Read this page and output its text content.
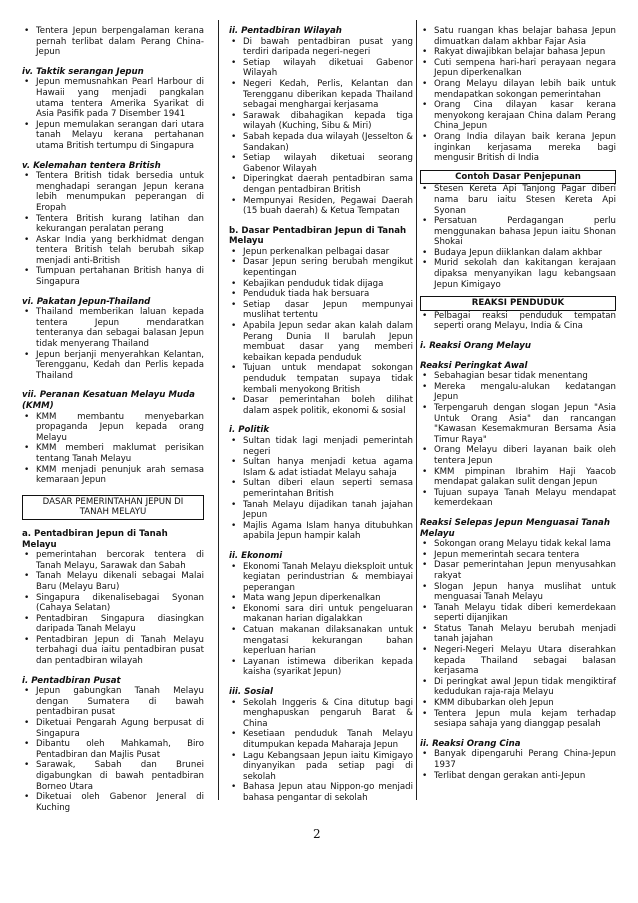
• Tentera Jepun berpengalaman kerana pernah terlibat dalam Perang China-Jepun
iv. Taktik serangan Jepun
• Jepun memusnahkan Pearl Harbour di Hawaii yang menjadi pangkalan utama tentera Amerika Syarikat di Asia Pasifik pada 7 Disember 1941
• Jepun memulakan serangan dari utara tanah Melayu kerana pertahanan utama British tertumpu di Singapura
v. Kelemahan tentera British
• Tentera British tidak bersedia untuk menghadapi serangan Jepun kerana lebih menumpukan peperangan di Eropah
• Tentera British kurang latihan dan kekurangan peralatan perang
• Askar India yang berkhidmat dengan tentera British telah berubah sikap menjadi anti-British
• Tumpuan pertahanan British hanya di Singapura
vi. Pakatan Jepun-Thailand
• Thailand memberikan laluan kepada tentera Jepun mendaratkan tenteranya dan sebagai balasan Jepun tidak menyerang Thailand
• Jepun berjanji menyerahkan Kelantan, Terengganu, Kedah dan Perlis kepada Thailand
vii. Peranan Kesatuan Melayu Muda (KMM)
• KMM membantu menyebarkan propaganda Jepun kepada orang Melayu
• KMM memberi maklumat perisikan tentang Tanah Melayu
• KMM menjadi penunjuk arah semasa kemaraan Jepun
DASAR PEMERINTAHAN JEPUN DI TANAH MELAYU
a. Pentadbiran Jepun di Tanah Melayu
• pemerintahan bercorak tentera di Tanah Melayu, Sarawak dan Sabah
• Tanah Melayu dikenali sebagai Malai Baru (Melayu Baru)
• Singapura dikenalisebagai Syonan (Cahaya Selatan)
• Pentadbiran Singapura diasingkan daripada Tanah Melayu
• Pentadbiran Jepun di Tanah Melayu terbahagi dua iaitu pentadbiran pusat dan pentadbiran wilayah
i. Pentadbiran Pusat
• Jepun gabungkan Tanah Melayu dengan Sumatera di bawah pentadbiran pusat
• Diketuai Pengarah Agung berpusat di Singapura
• Dibantu oleh Mahkamah, Biro Pentadbiran dan Majlis Pusat
• Sarawak, Sabah dan Brunei digabungkan di bawah pentadbiran Borneo Utara
• Diketuai oleh Gabenor Jeneral di Kuching
ii. Pentadbiran Wilayah
• Di bawah pentadbiran pusat yang terdiri daripada negeri-negeri
• Setiap wilayah diketuai Gabenor Wilayah
• Negeri Kedah, Perlis, Kelantan dan Terengganu diberikan kepada Thailand sebagai menghargai kerjasama
• Sarawak dibahagikan kepada tiga wilayah (Kuching, Sibu & Miri)
• Sabah kepada dua wilayah (Jesselton & Sandakan)
• Setiap wilayah diketuai seorang Gabenor Wilayah
• Diperingkat daerah pentadbiran sama dengan pentadbiran British
• Mempunyai Residen, Pegawai Daerah (15 buah daerah) & Ketua Tempatan
b. Dasar Pentadbiran Jepun di Tanah Melayu
• Jepun perkenalkan pelbagai dasar
• Dasar Jepun sering berubah mengikut kepentingan
• Kebajikan penduduk tidak dijaga
• Penduduk tiada hak bersuara
• Setiap dasar Jepun mempunyai muslihat tertentu
• Apabila Jepun sedar akan kalah dalam Perang Dunia II barulah Jepun membuat dasar yang memberi kebaikan kepada penduduk
• Tujuan untuk mendapat sokongan penduduk tempatan supaya tidak kembali menyokong British
• Dasar pemerintahan boleh dilihat dalam aspek politik, ekonomi & sosial
i. Politik
• Sultan tidak lagi menjadi pemerintah negeri
• Sultan hanya menjadi ketua agama Islam & adat istiadat Melayu sahaja
• Sultan diberi elaun seperti semasa pemerintahan British
• Tanah Melayu dijadikan tanah jajahan Jepun
• Majlis Agama Islam hanya ditubuhkan apabila Jepun hampir kalah
ii. Ekonomi
• Ekonomi Tanah Melayu dieksploit untuk kegiatan perindustrian & membiayai peperangan
• Mata wang Jepun diperkenalkan
• Ekonomi sara diri untuk pengeluaran makanan harian digalakkan
• Catuan makanan dilaksanakan untuk mengatasi kekurangan bahan keperluan harian
• Layanan istimewa diberikan kepada kaisha (syarikat Jepun)
iii. Sosial
• Sekolah Inggeris & Cina ditutup bagi menghapuskan pengaruh Barat & China
• Kesetiaan penduduk Tanah Melayu ditumpukan kepada Maharaja Jepun
• Lagu Kebangsaan Jepun iaitu Kimigayo dinyanyikan pada setiap pagi di sekolah
• Bahasa Jepun atau Nippon-go menjadi bahasa pengantar di sekolah
• Satu ruangan khas belajar bahasa Jepun dimuatkan dalam akhbar Fajar Asia
• Rakyat diwajibkan belajar bahasa Jepun
• Cuti sempena hari-hari perayaan negara Jepun diperkenalkan
• Orang Melayu dilayan lebih baik untuk mendapatkan sokongan pemerintahan
• Orang Cina dilayan kasar kerana menyokong kerajaan China dalam Perang China_Jepun
• Orang India dilayan baik kerana Jepun inginkan kerjasama mereka bagi mengusir British di India
Contoh Dasar Penjepunan
• Stesen Kereta Api Tanjong Pagar diberi nama baru iaitu Stesen Kereta Api Syonan
• Persatuan Perdagangan perlu menggunakan bahasa Jepun iaitu Shonan Shokai
• Budaya Jepun diiklankan dalam akhbar
• Murid sekolah dan kakitangan kerajaan dipaksa menyanyikan lagu kebangsaan Jepun Kimigayo
REAKSI PENDUDUK
• Pelbagai reaksi penduduk tempatan seperti orang Melayu, India & Cina
i. Reaksi Orang Melayu
Reaksi Peringkat Awal
• Sebahagian besar tidak menentang
• Mereka mengalu-alukan kedatangan Jepun
• Terpengaruh dengan slogan Jepun "Asia Untuk Orang Asia" dan rancangan "Kawasan Kesemakmuran Bersama Asia Timur Raya"
• Orang Melayu diberi layanan baik oleh tentera Jepun
• KMM pimpinan Ibrahim Haji Yaacob mendapat galakan sulit dengan Jepun
• Tujuan supaya Tanah Melayu mendapat kemerdekaan
Reaksi Selepas Jepun Menguasai Tanah Melayu
• Sokongan orang Melayu tidak kekal lama
• Jepun memerintah secara tentera
• Dasar pemerintahan Jepun menyusahkan rakyat
• Slogan Jepun hanya muslihat untuk menguasai Tanah Melayu
• Tanah Melayu tidak diberi kemerdekaan seperti dijanjikan
• Status Tanah Melayu berubah menjadi tanah jajahan
• Negeri-Negeri Melayu Utara diserahkan kepada Thailand sebagai balasan kerjasama
• Di peringkat awal Jepun tidak mengiktiraf kedudukan raja-raja Melayu
• KMM dibubarkan oleh Jepun
• Tentera Jepun mula kejam terhadap sesiapa sahaja yang dianggap pesalah
ii. Reaksi Orang Cina
• Banyak dipengaruhi Perang China-Jepun 1937
• Terlibat dengan gerakan anti-Jepun
2
